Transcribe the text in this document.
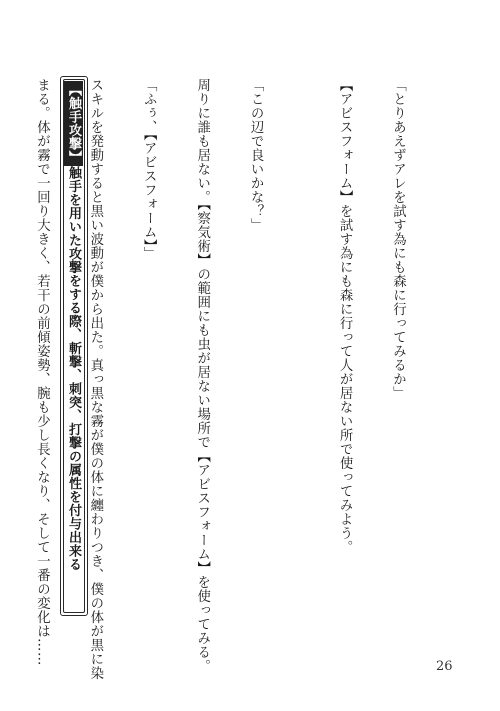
「とりあえずアレを試す為にも森に行ってみるか」

【アビスフォーム】を試す為にも森に行って人が居ない所で使ってみよう。

「この辺で良いかな？」

周りに誰も居ない。【察気術】の範囲にも虫が居ない場所で【アビスフォーム】を使ってみる。

「ふぅ、【アビスフォーム】」

スキルを発動すると黒い波動が僕から出た。真っ黒な霧が僕の体に纏わりつき、僕の体が黒に染

まる。体が霧で一回り大きく、若干の前傾姿勢、腕も少し長くなり、そして一番の変化は……

【触手攻撃】触手を用いた攻撃をする際、斬撃、刺突、打撃の属性を付与出来る
26
